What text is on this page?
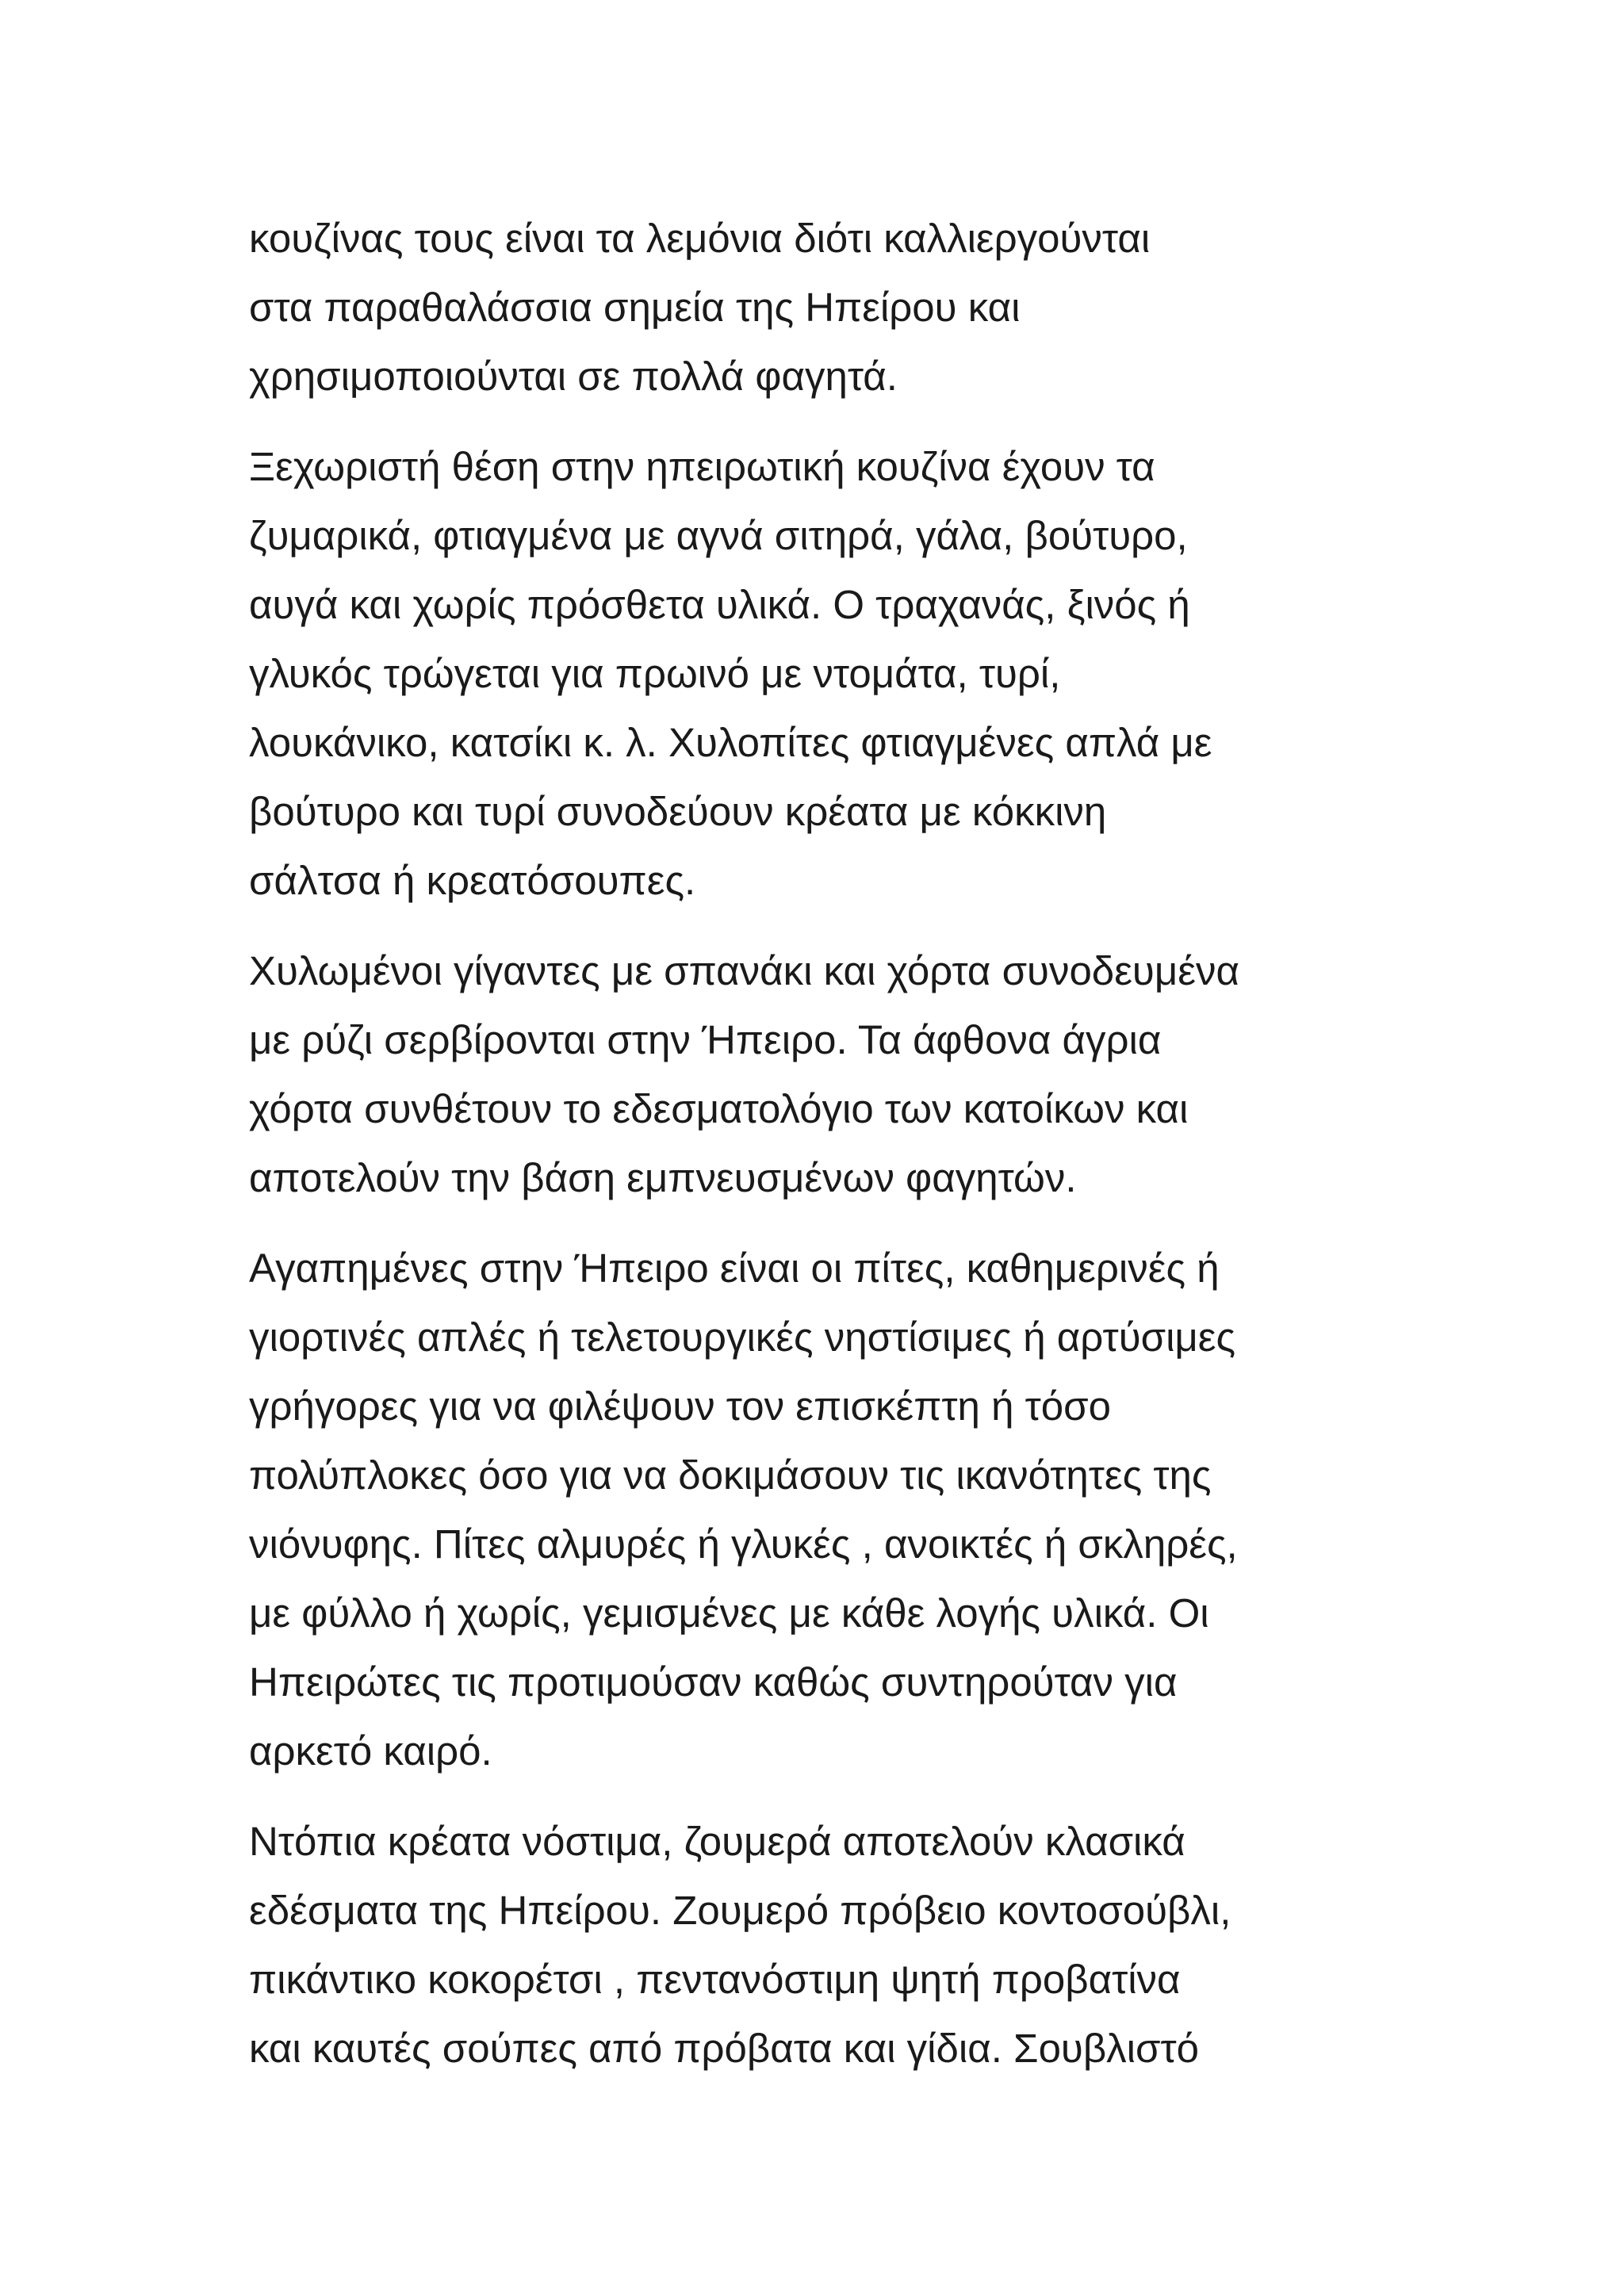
κουζίνας τους είναι τα λεμόνια διότι καλλιεργούνται
στα παραθαλάσσια σημεία της Ηπείρου και
χρησιμοποιούνται σε πολλά φαγητά.

Ξεχωριστή θέση στην ηπειρωτική κουζίνα έχουν τα
ζυμαρικά, φτιαγμένα με αγνά σιτηρά, γάλα, βούτυρο,
αυγά και χωρίς πρόσθετα υλικά. Ο τραχανάς, ξινός ή
γλυκός τρώγεται για πρωινό με ντομάτα, τυρί,
λουκάνικο, κατσίκι κ. λ. Χυλοπίτες φτιαγμένες απλά με
βούτυρο και τυρί συνοδεύουν κρέατα με κόκκινη
σάλτσα ή κρεατόσουπες.

Χυλωμένοι γίγαντες με σπανάκι και χόρτα συνοδευμένα
με ρύζι σερβίρονται στην Ήπειρο. Τα άφθονα άγρια
χόρτα συνθέτουν το εδεσματολόγιο των κατοίκων και
αποτελούν την βάση εμπνευσμένων φαγητών.

Αγαπημένες στην Ήπειρο είναι οι πίτες, καθημερινές ή
γιορτινές απλές ή τελετουργικές νηστίσιμες ή αρτύσιμες
γρήγορες για να φιλέψουν τον επισκέπτη ή τόσο
πολύπλοκες όσο για να δοκιμάσουν τις ικανότητες της
νιόνυφης. Πίτες αλμυρές ή γλυκές , ανοικτές ή σκληρές,
με φύλλο ή χωρίς, γεμισμένες με κάθε λογής υλικά. Οι
Ηπειρώτες τις προτιμούσαν καθώς συντηρούταν για
αρκετό καιρό.

Ντόπια κρέατα νόστιμα, ζουμερά αποτελούν κλασικά
εδέσματα της Ηπείρου. Ζουμερό πρόβειο κοντοσούβλι,
πικάντικο κοκορέτσι , πεντανόστιμη ψητή προβατίνα
και καυτές σούπες από πρόβατα και γίδια. Σουβλιστό
